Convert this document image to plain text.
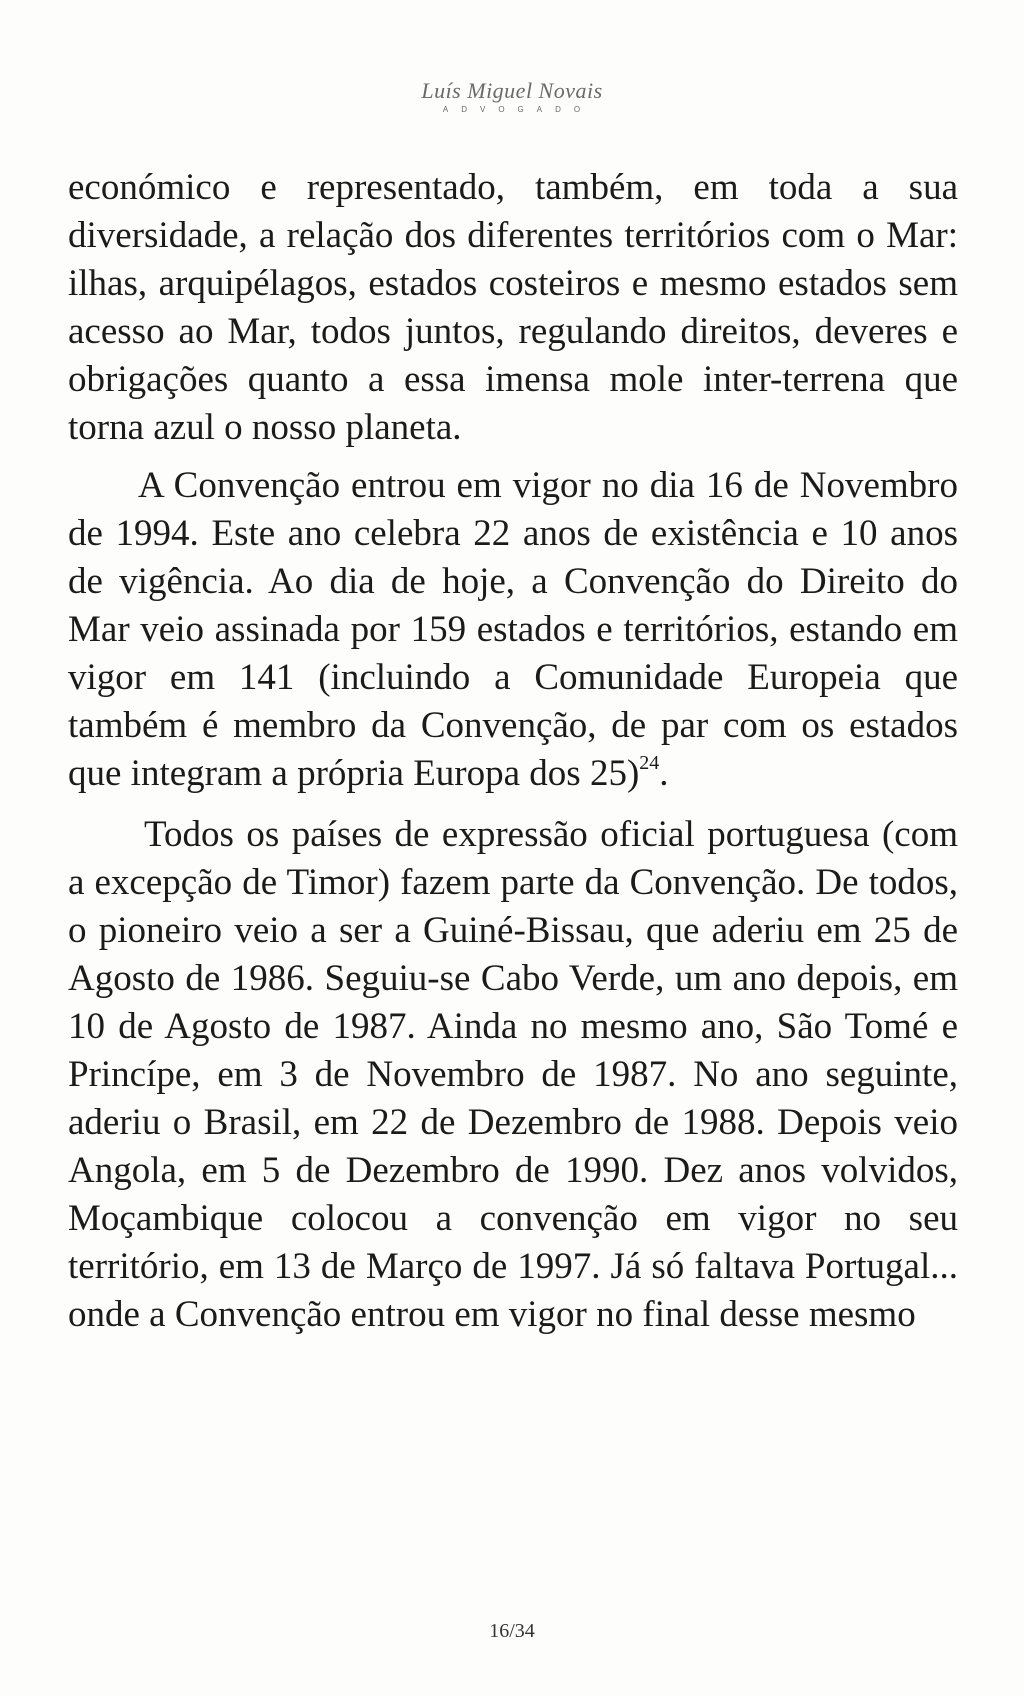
Luís Miguel Novais
ADVOGADO

económico e representado, também, em toda a sua diversidade, a relação dos diferentes territórios com o Mar: ilhas, arquipélagos, estados costeiros e mesmo estados sem acesso ao Mar, todos juntos, regulando direitos, deveres e obrigações quanto a essa imensa mole inter-terrena que torna azul o nosso planeta.

A Convenção entrou em vigor no dia 16 de Novembro de 1994. Este ano celebra 22 anos de existência e 10 anos de vigência. Ao dia de hoje, a Convenção do Direito do Mar veio assinada por 159 estados e territórios, estando em vigor em 141 (incluindo a Comunidade Europeia que também é membro da Convenção, de par com os estados que integram a própria Europa dos 25)$^{24}$.

Todos os países de expressão oficial portuguesa (com a excepção de Timor) fazem parte da Convenção. De todos, o pioneiro veio a ser a Guiné-Bissau, que aderiu em 25 de Agosto de 1986. Seguiu-se Cabo Verde, um ano depois, em 10 de Agosto de 1987. Ainda no mesmo ano, São Tomé e Princípe, em 3 de Novembro de 1987. No ano seguinte, aderiu o Brasil, em 22 de Dezembro de 1988. Depois veio Angola, em 5 de Dezembro de 1990. Dez anos volvidos, Moçambique colocou a convenção em vigor no seu território, em 13 de Março de 1997. Já só faltava Portugal... onde a Convenção entrou em vigor no final desse mesmo

16/34
